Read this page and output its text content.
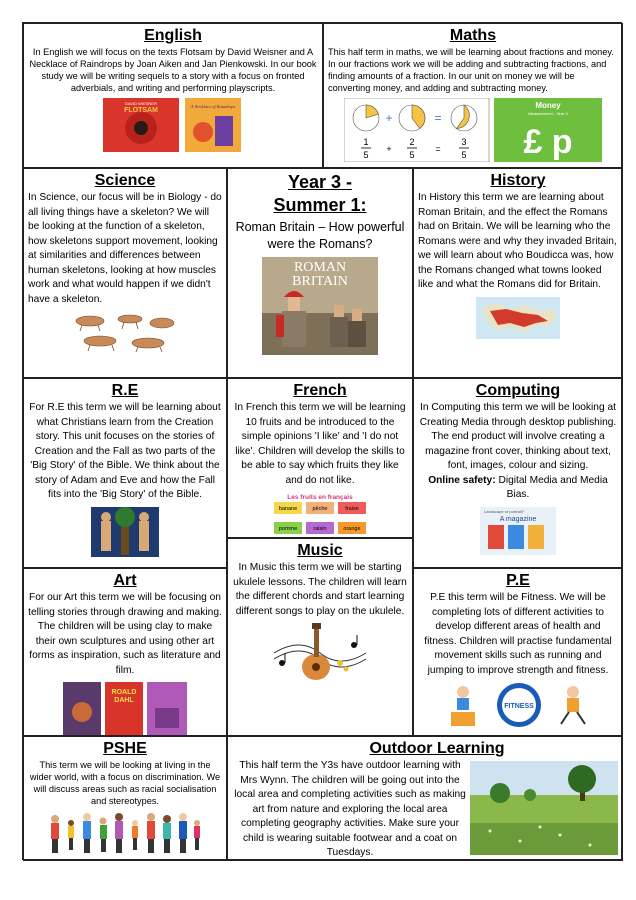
English

In English we will focus on the texts Flotsam by David Weisner and A Necklace of Raindrops by Joan Aiken and Jan Pienkowski. In our book study we will be writing sequels to a story with a focus on fronted adverbials, and writing and performing playscripts.

DAVID WIESNER
FLOTSAM
A Necklace of Raindrops
Maths

This half term in maths, we will be learning about fractions and money. In our fractions work we will be adding and subtracting fractions, and finding amounts of a fraction. In our unit on money we will be converting money, and adding and subtracting money.

+	=
1
5
+
2
5
=
3
5
Money
Measurement - Year 3
£ p
Science

In Science, our focus will be in Biology - do all living things have a skeleton? We will be looking at the function of a skeleton, how skeletons support movement, looking at similarities and differences between human skeletons, looking at how muscles work and what would happen if we didn't have a skeleton.

Year 3 -

Summer 1:

Roman Britain – How powerful were the Romans?

ROMAN
BRITAIN
History

In History this term we are learning about Roman Britain, and the effect the Romans had on Britain. We will be learning who the Romans were and why they invaded Britain, we will learn about who Boudicca was, how the Romans changed what towns looked like and what the Romans did for Britain.

R.E

For R.E this term we will be learning about what Christians learn from the Creation story. This unit focuses on the stories of Creation and the Fall as two parts of the 'Big Story' of the Bible. We think about the story of Adam and Eve and how the Fall fits into the 'Big Story' of the Bible.

French

In French this term we will be learning 10 fruits and be introduced to the simple opinions 'I like' and 'I do not like'. Children will develop the skills to be able to say which fruits they like and do not like.

Les fruits en français
banane	pêche	fraise
pomme	raisin	orange
Computing

In Computing this term we will be looking at Creating Media through desktop publishing. The end product will involve creating a magazine front cover, thinking about text, font, images, colour and sizing.

Online safety: Digital Media and Media Bias.

Landscape or portrait?
A magazine
Music

In Music this term we will be starting ukulele lessons. The children will learn the different chords and start learning different songs to play on the ukulele.

Art

For our Art this term we will be focusing on telling stories through drawing and making. The children will be using clay to make their own sculptures and using other art forms as inspiration, such as literature and film.

ROALD
DAHL
P.E

P.E this term will be Fitness. We will be completing lots of different activities to develop different areas of health and fitness. Children will practise fundamental movement skills such as running and jumping to improve strength and fitness.

FITNESS
PSHE

This term we will be looking at living in the wider world, with a focus on discrimination. We will discuss areas such as racial socialisation and stereotypes.

Outdoor Learning

This half term the Y3s have outdoor learning with Mrs Wynn. The children will be going out into the local area and completing activities such as making art from nature and exploring the local area completing geography activities. Make sure your child is wearing suitable footwear and a coat on Tuesdays.
